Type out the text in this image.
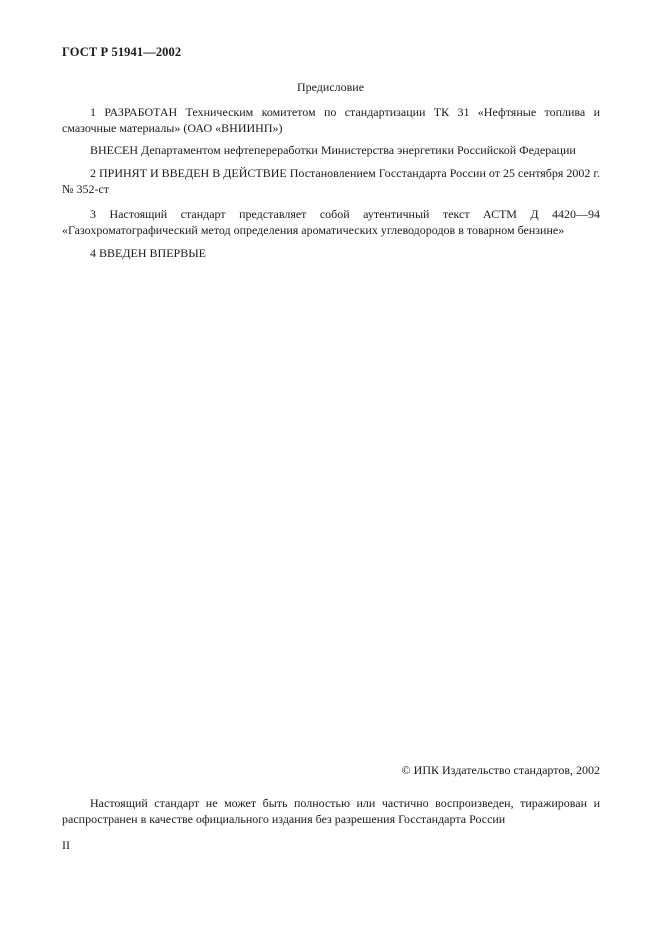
ГОСТ Р 51941—2002
Предисловие
1 РАЗРАБОТАН Техническим комитетом по стандартизации ТК 31 «Нефтяные топлива и смазочные материалы» (ОАО «ВНИИНП»)
ВНЕСЕН Департаментом нефтепереработки Министерства энергетики Российской Федерации
2 ПРИНЯТ И ВВЕДЕН В ДЕЙСТВИЕ Постановлением Госстандарта России от 25 сентября 2002 г. № 352-ст
3 Настоящий стандарт представляет собой аутентичный текст АСТМ Д 4420—94 «Газохроматографический метод определения ароматических углеводородов в товарном бензине»
4 ВВЕДЕН ВПЕРВЫЕ
© ИПК Издательство стандартов, 2002
Настоящий стандарт не может быть полностью или частично воспроизведен, тиражирован и распространен в качестве официального издания без разрешения Госстандарта России
II
